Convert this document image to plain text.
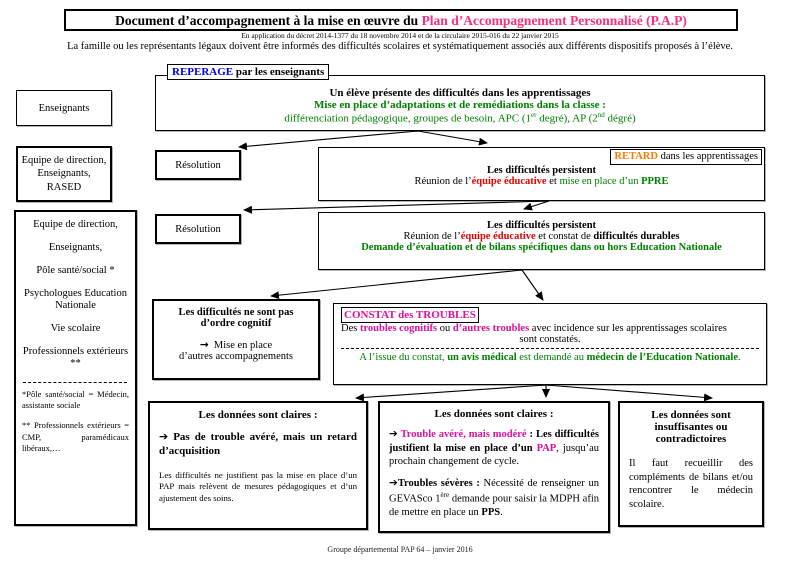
Document d’accompagnement à la mise en œuvre du Plan d’Accompagnement Personnalisé (P.A.P)
En application du décret 2014-1377 du 18 novembre 2014 et de la circulaire 2015-016 du 22 janvier 2015
La famille ou les représentants légaux doivent être informés des difficultés scolaires et systématiquement associés aux différents dispositifs proposés à l’élève.
REPERAGE par les enseignants
Un élève présente des difficultés dans les apprentissages
Mise en place d’adaptations et de remédiations dans la classe :
différenciation pédagogique, groupes de besoin, APC (1er degré), AP (2nd dégré)
Enseignants
Equipe de direction,
Enseignants,
RASED
Equipe de direction,
Enseignants,
Pôle santé/social *
Psychologues Education Nationale
Vie scolaire
Professionnels extérieurs **
*Pôle santé/social = Médecin, assistante sociale
** Professionnels extérieurs = CMP, paramédicaux libéraux,…
Résolution
RETARD dans les apprentissages
Les difficultés persistent
Réunion de l’équipe éducative et mise en place d’un PPRE
Résolution	Les difficultés persistent
Réunion de l’équipe éducative et constat de difficultés durables
Demande d’évaluation et de bilans spécifiques dans ou hors Education Nationale
Les difficultés ne sont pas
d’ordre cognitif
→ Mise en place
d’autres accompagnements
CONSTAT des TROUBLES
Des troubles cognitifs ou d’autres troubles avec incidence sur les apprentissages scolaires
sont constatés.
A l’issue du constat, un avis médical est demandé au médecin de l’Education Nationale.
Les données sont claires :
➔ Pas de trouble avéré, mais un retard d’acquisition
Les difficultés ne justifient pas la mise en place d’un PAP mais relèvent de mesures pédagogiques et d’un ajustement des soins.
Les données sont claires :

➔ Trouble avéré, mais modéré : Les difficultés justifient la mise en place d’un PAP, jusqu’au prochain changement de cycle.

➔Troubles sévères : Nécessité de renseigner un GEVASco 1ère demande pour saisir la MDPH afin de mettre en place un PPS.

Les données sont
insuffisantes ou
contradictoires
Il faut recueillir des compléments de bilans et/ou rencontrer le médecin scolaire.
Groupe départemental PAP 64 – janvier 2016
